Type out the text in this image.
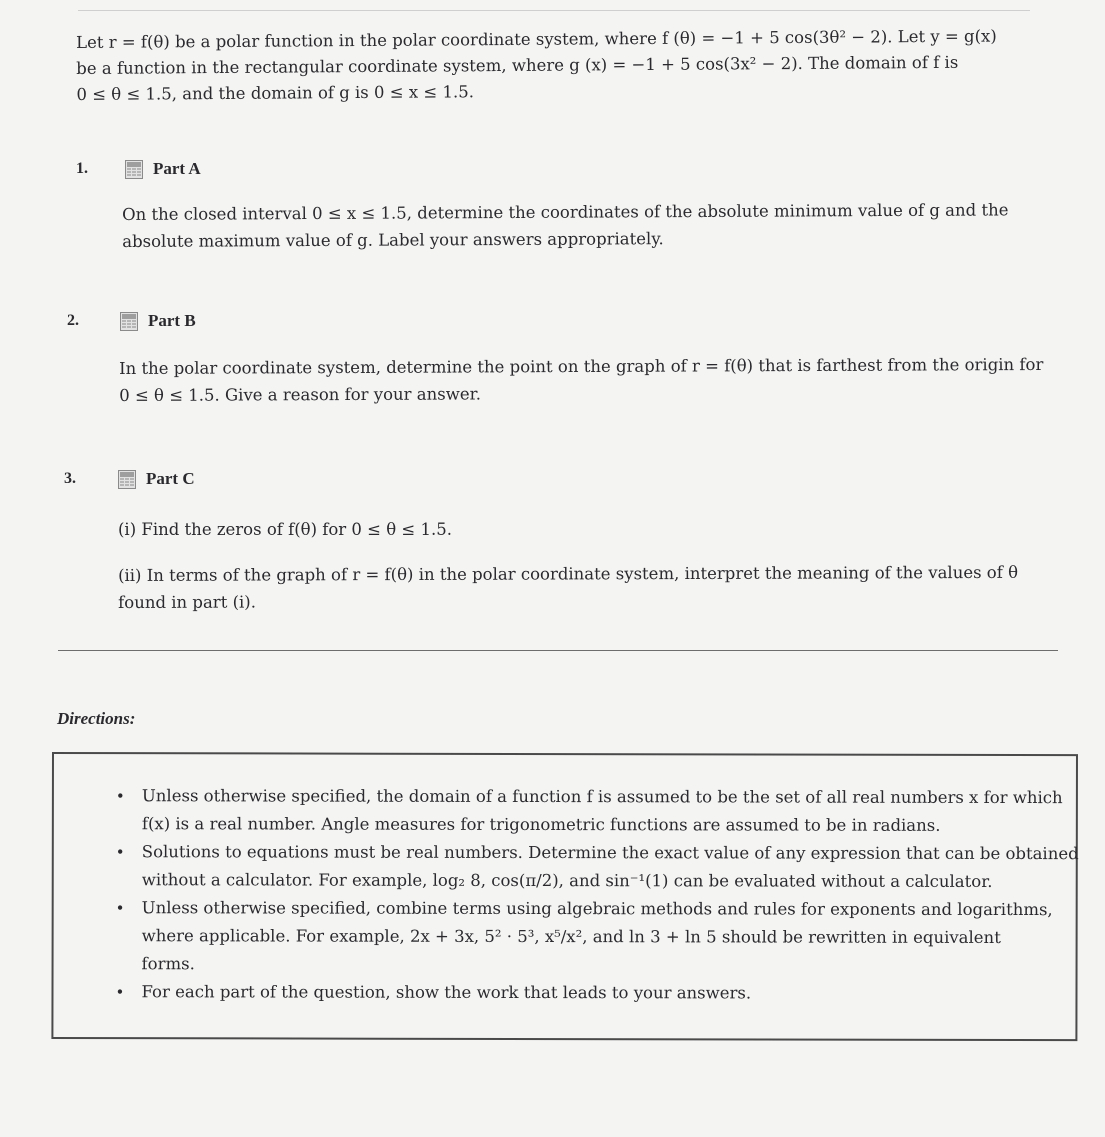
Let r = f(θ) be a polar function in the polar coordinate system, where f (θ) = −1 + 5 cos(3θ² − 2). Let y = g(x)
be a function in the rectangular coordinate system, where g (x) = −1 + 5 cos(3x² − 2). The domain of f is
0 ≤ θ ≤ 1.5, and the domain of g is 0 ≤ x ≤ 1.5.
1.	Part A
On the closed interval 0 ≤ x ≤ 1.5, determine the coordinates of the absolute minimum value of g and the
absolute maximum value of g. Label your answers appropriately.
2.	Part B
In the polar coordinate system, determine the point on the graph of r = f(θ) that is farthest from the origin for
0 ≤ θ ≤ 1.5. Give a reason for your answer.
3.	Part C
(i) Find the zeros of f(θ) for 0 ≤ θ ≤ 1.5.
(ii) In terms of the graph of r = f(θ) in the polar coordinate system, interpret the meaning of the values of θ
found in part (i).
Directions:
• Unless otherwise specified, the domain of a function f is assumed to be the set of all real numbers x for which
f(x) is a real number. Angle measures for trigonometric functions are assumed to be in radians.
• Solutions to equations must be real numbers. Determine the exact value of any expression that can be obtained
without a calculator. For example, log₂ 8, cos(π/2), and sin⁻¹(1) can be evaluated without a calculator.
• Unless otherwise specified, combine terms using algebraic methods and rules for exponents and logarithms,
where applicable. For example, 2x + 3x, 5² · 5³, x⁵/x², and ln 3 + ln 5 should be rewritten in equivalent
forms.
• For each part of the question, show the work that leads to your answers.
